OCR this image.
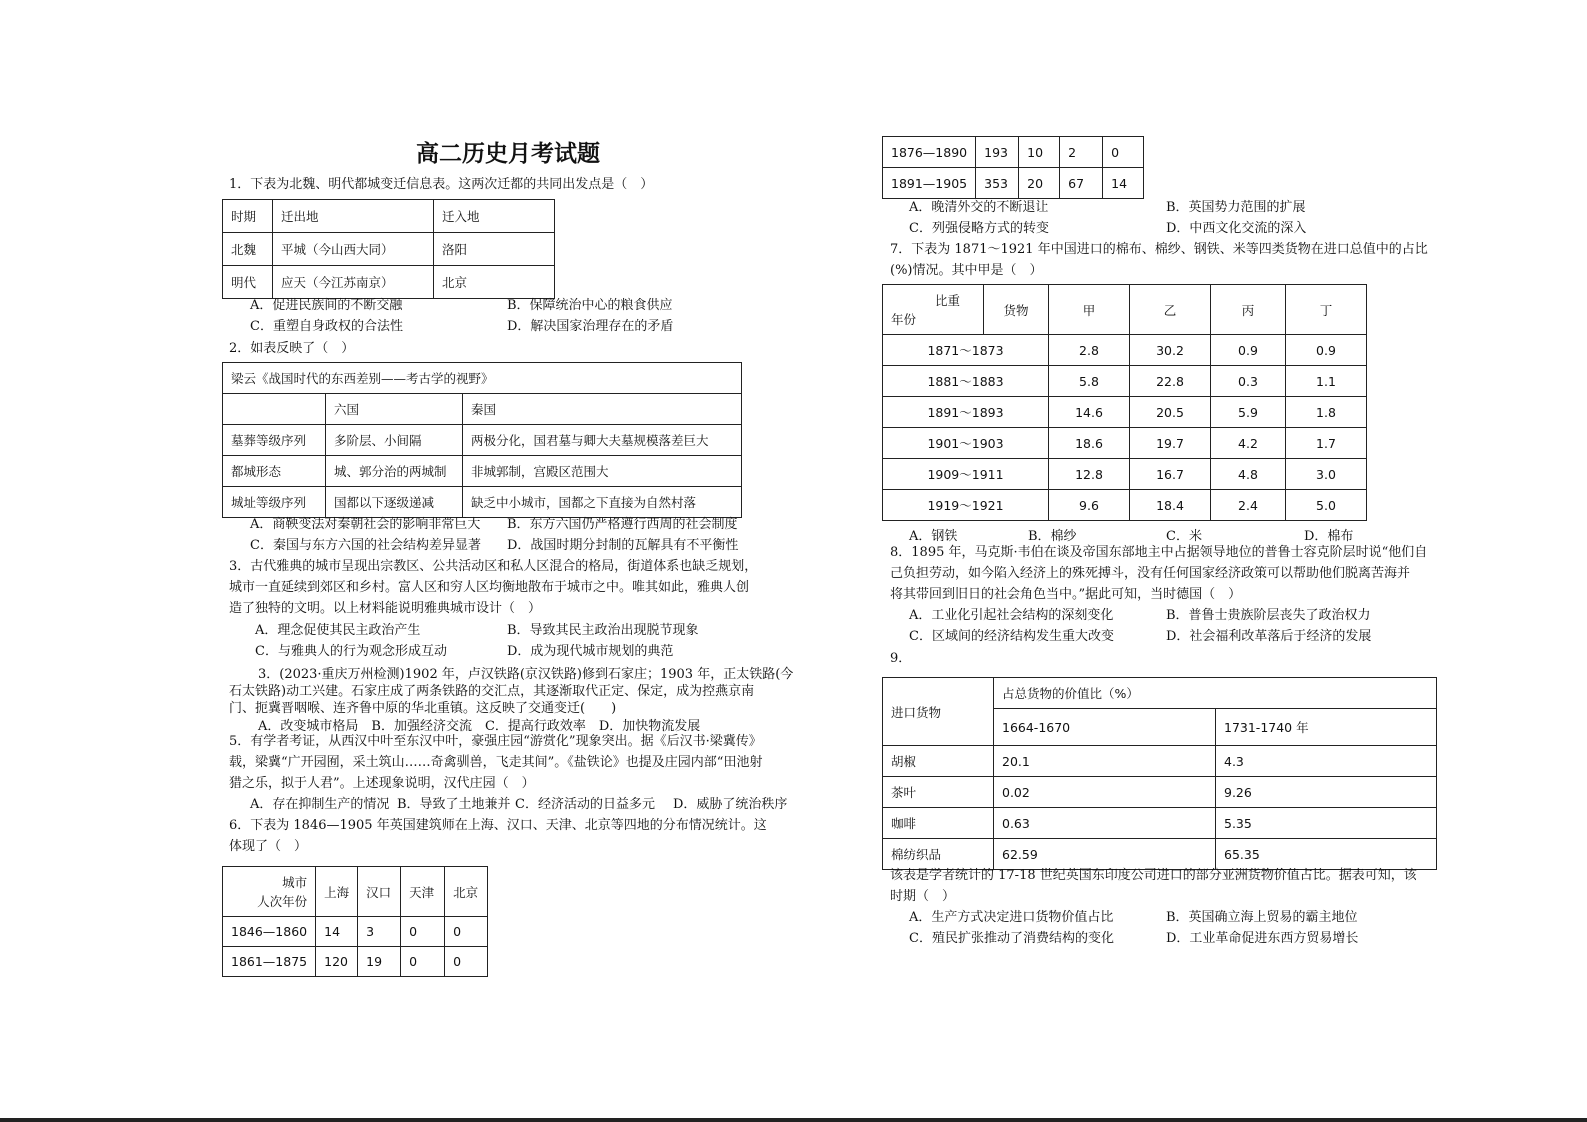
高二历史月考试题
1．下表为北魏、明代都城变迁信息表。这两次迁都的共同出发点是（　）
时期	迁出地	迁入地
北魏	平城（今山西大同）	洛阳
明代	应天（今江苏南京）	北京
A．促进民族间的不断交融	B．保障统治中心的粮食供应
C．重塑自身政权的合法性	D．解决国家治理存在的矛盾
2．如表反映了（　）
梁云《战国时代的东西差别——考古学的视野》		
	六国	秦国
墓葬等级序列	多阶层、小间隔	两极分化，国君墓与卿大夫墓规模落差巨大
都城形态	城、郭分治的两城制	非城郭制，宫殿区范围大
城址等级序列	国都以下逐级递减	缺乏中小城市，国都之下直接为自然村落
A．商鞅变法对秦朝社会的影响非常巨大 B．东方六国仍严格遵行西周的社会制度
C．秦国与东方六国的社会结构差异显著 D．战国时期分封制的瓦解具有不平衡性
3．古代雅典的城市呈现出宗教区、公共活动区和私人区混合的格局，街道体系也缺乏规划，
城市一直延续到郊区和乡村。富人区和穷人区均衡地散布于城市之中。唯其如此，雅典人创
造了独特的文明。以上材料能说明雅典城市设计（　）
A．理念促使其民主政治产生	B．导致其民主政治出现脱节现象
C．与雅典人的行为观念形成互动	D．成为现代城市规划的典范
3．(2023·重庆万州检测)1902 年，卢汉铁路(京汉铁路)修到石家庄；1903 年，正太铁路(今
石太铁路)动工兴建。石家庄成了两条铁路的交汇点，其逐渐取代正定、保定，成为控燕京南
门、扼冀晋咽喉、连齐鲁中原的华北重镇。这反映了交通变迁(　　)
A．改变城市格局　B．加强经济交流　C．提高行政效率　D．加快物流发展
5．有学者考证，从西汉中叶至东汉中叶，豪强庄园“游赏化”现象突出。据《后汉书·梁冀传》
载，梁冀“广开园囿，采土筑山……奇禽驯兽，飞走其间”。《盐铁论》也提及庄园内部“田池射
猎之乐，拟于人君”。上述现象说明，汉代庄园（　）
A．存在抑制生产的情况 B．导致了土地兼并 C．经济活动的日益多元 D．威胁了统治秩序
6．下表为 1846—1905 年英国建筑师在上海、汉口、天津、北京等四地的分布情况统计。这
体现了（　）
城市
人次年份	上海	汉口	天津	北京
1846—1860	14	3	0	0
1861—1875	120	19	0	0
1876—1890	193	10	2	0
1891—1905	353	20	67	14
A．晚清外交的不断退让	B．英国势力范围的扩展
C．列强侵略方式的转变	D．中西文化交流的深入
7．下表为 1871～1921 年中国进口的棉布、棉纱、钢铁、米等四类货物在进口总值中的占比
(%)情况。其中甲是（　）
比重
年份	货物	甲	乙	丙	丁
1871～1873		2.8	30.2	0.9	0.9
1881～1883		5.8	22.8	0.3	1.1
1891～1893		14.6	20.5	5.9	1.8
1901～1903		18.6	19.7	4.2	1.7
1909～1911		12.8	16.7	4.8	3.0
1919～1921		9.6	18.4	2.4	5.0
A．钢铁	B．棉纱	C．米	D．棉布
8．1895 年，马克斯·韦伯在谈及帝国东部地主中占据领导地位的普鲁士容克阶层时说“他们自
己负担劳动，如今陷入经济上的殊死搏斗，没有任何国家经济政策可以帮助他们脱离苦海并
将其带回到旧日的社会角色当中。”据此可知，当时德国（　）
A．工业化引起社会结构的深刻变化	B．普鲁士贵族阶层丧失了政治权力
C．区域间的经济结构发生重大改变	D．社会福利改革落后于经济的发展
9．
进口货物	占总货物的价值比（%）	
	1664-1670	1731-1740 年
胡椒	20.1	4.3
茶叶	0.02	9.26
咖啡	0.63	5.35
棉纺织品	62.59	65.35
该表是学者统计的 17-18 世纪英国东印度公司进口的部分亚洲货物价值占比。据表可知，该
时期（　）
A．生产方式决定进口货物价值占比	B．英国确立海上贸易的霸主地位
C．殖民扩张推动了消费结构的变化	D．工业革命促进东西方贸易增长
